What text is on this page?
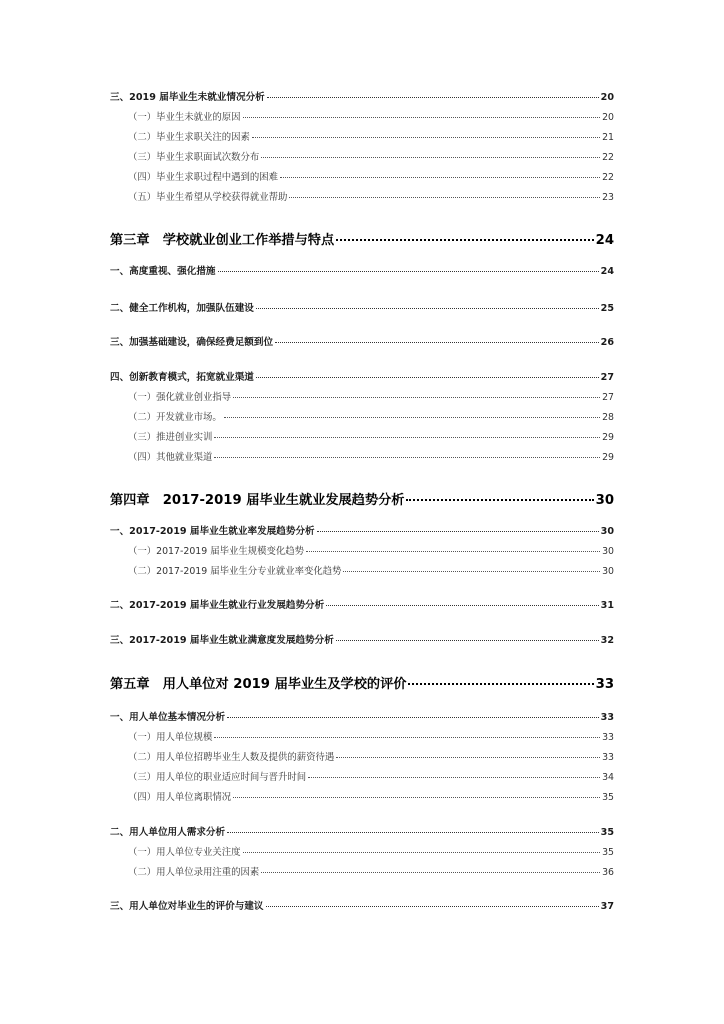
三、2019 届毕业生未就业情况分析	20
（一）毕业生未就业的原因	20
（二）毕业生求职关注的因素	21
（三）毕业生求职面试次数分布	22
（四）毕业生求职过程中遇到的困难	22
（五）毕业生希望从学校获得就业帮助	23
第三章　学校就业创业工作举措与特点	24
一、高度重视、强化措施	24
二、健全工作机构，加强队伍建设	25
三、加强基础建设，确保经费足额到位	26
四、创新教育模式，拓宽就业渠道	27
（一）强化就业创业指导	27
（二）开发就业市场。	28
（三）推进创业实训	29
（四）其他就业渠道	29
第四章　2017-2019 届毕业生就业发展趋势分析	30
一、2017-2019 届毕业生就业率发展趋势分析	30
（一）2017-2019 届毕业生规模变化趋势	30
（二）2017-2019 届毕业生分专业就业率变化趋势	30
二、2017-2019 届毕业生就业行业发展趋势分析	31
三、2017-2019 届毕业生就业满意度发展趋势分析	32
第五章　用人单位对 2019 届毕业生及学校的评价	33
一、用人单位基本情况分析	33
（一）用人单位规模	33
（二）用人单位招聘毕业生人数及提供的薪资待遇	33
（三）用人单位的职业适应时间与晋升时间	34
（四）用人单位离职情况	35
二、用人单位用人需求分析	35
（一）用人单位专业关注度	35
（二）用人单位录用注重的因素	36
三、用人单位对毕业生的评价与建议	37
